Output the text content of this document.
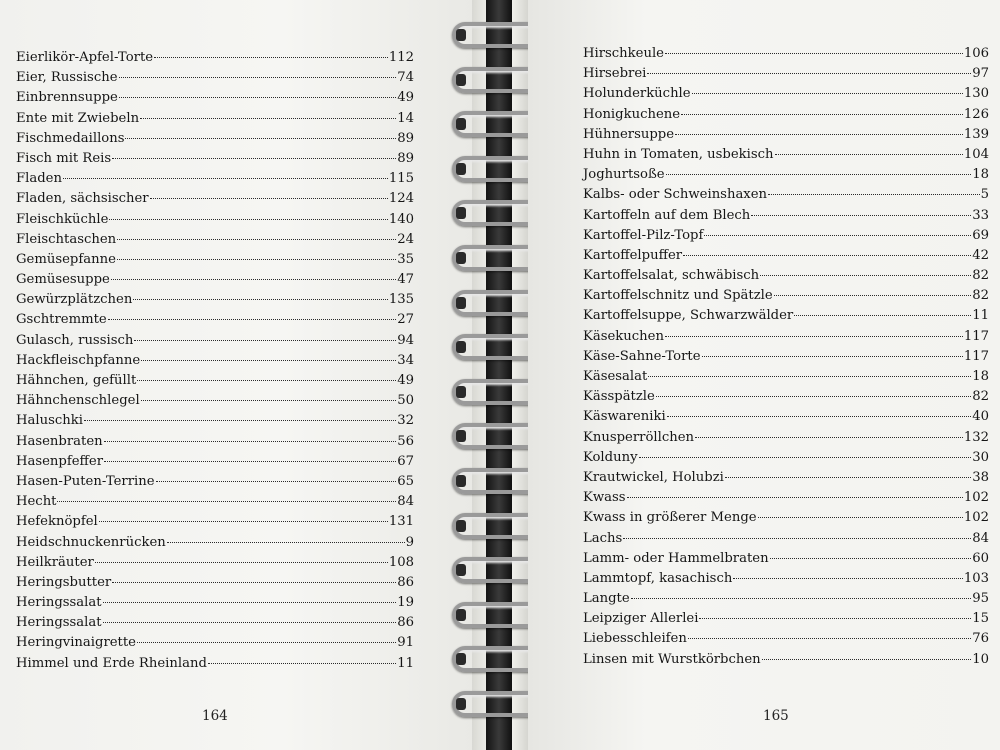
Eierlikör-Apfel-Torte	112
Eier, Russische	74
Einbrennsuppe	49
Ente mit Zwiebeln	14
Fischmedaillons	89
Fisch mit Reis	89
Fladen	115
Fladen, sächsischer	124
Fleischküchle	140
Fleischtaschen	24
Gemüsepfanne	35
Gemüsesuppe	47
Gewürzplätzchen	135
Gschtremmte	27
Gulasch, russisch	94
Hackfleischpfanne	34
Hähnchen, gefüllt	49
Hähnchenschlegel	50
Haluschki	32
Hasenbraten	56
Hasenpfeffer	67
Hasen-Puten-Terrine	65
Hecht	84
Hefeknöpfel	131
Heidschnuckenrücken	9
Heilkräuter	108
Heringsbutter	86
Heringssalat	19
Heringssalat	86
Heringvinaigrette	91
Himmel und Erde Rheinland	11
164
Hirschkeule	106
Hirsebrei	97
Holunderküchle	130
Honigkuchene	126
Hühnersuppe	139
Huhn in Tomaten, usbekisch	104
Joghurtsoße	18
Kalbs- oder Schweinshaxen	5
Kartoffeln auf dem Blech	33
Kartoffel-Pilz-Topf	69
Kartoffelpuffer	42
Kartoffelsalat, schwäbisch	82
Kartoffelschnitz und Spätzle	82
Kartoffelsuppe, Schwarzwälder	11
Käsekuchen	117
Käse-Sahne-Torte	117
Käsesalat	18
Kässpätzle	82
Käswareniki	40
Knusperröllchen	132
Kolduny	30
Krautwickel, Holubzi	38
Kwass	102
Kwass in größerer Menge	102
Lachs	84
Lamm- oder Hammelbraten	60
Lammtopf, kasachisch	103
Langte	95
Leipziger Allerlei	15
Liebesschleifen	76
Linsen mit Wurstkörbchen	10
165
